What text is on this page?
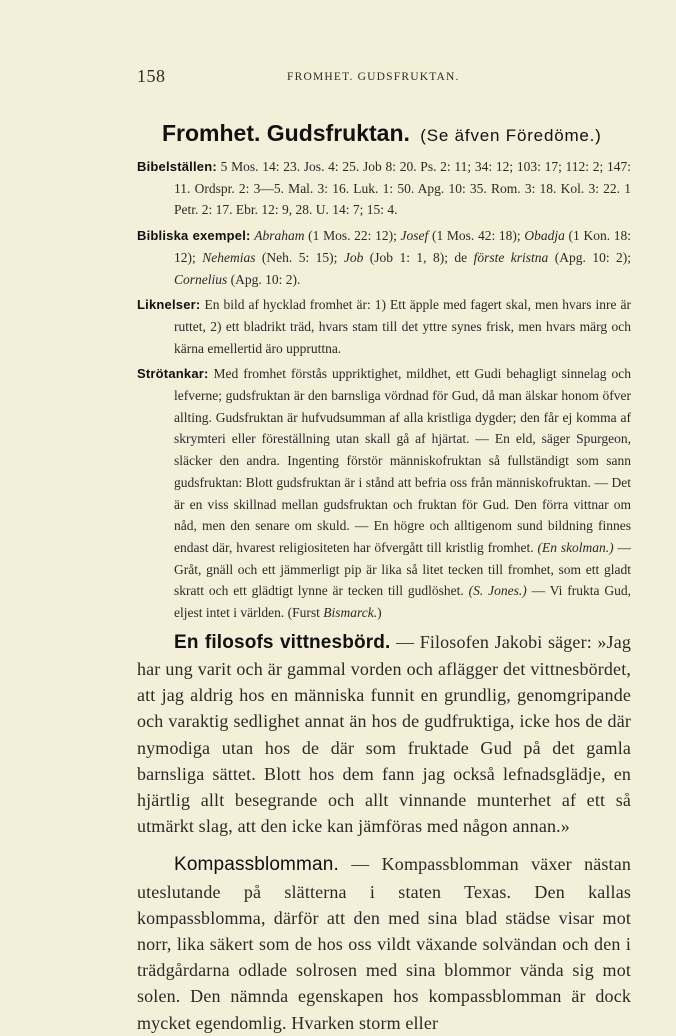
158	FROMHET. GUDSFRUKTAN.
Fromhet. Gudsfruktan. (Se äfven Föredöme.)

Bibelställen: 5 Mos. 14: 23. Jos. 4: 25. Job 8: 20. Ps. 2: 11; 34: 12; 103: 17; 112: 2; 147: 11. Ordspr. 2: 3—5. Mal. 3: 16. Luk. 1: 50. Apg. 10: 35. Rom. 3: 18. Kol. 3: 22. 1 Petr. 2: 17. Ebr. 12: 9, 28. U. 14: 7; 15: 4.

Bibliska exempel: Abraham (1 Mos. 22: 12); Josef (1 Mos. 42: 18); Obadja (1 Kon. 18: 12); Nehemias (Neh. 5: 15); Job (Job 1: 1, 8); de förste kristna (Apg. 10: 2); Cornelius (Apg. 10: 2).

Liknelser: En bild af hycklad fromhet är: 1) Ett äpple med fagert skal, men hvars inre är ruttet, 2) ett bladrikt träd, hvars stam till det yttre synes frisk, men hvars märg och kärna emellertid äro uppruttna.

Strötankar: Med fromhet förstås uppriktighet, mildhet, ett Gudi behagligt sinnelag och lefverne; gudsfruktan är den barnsliga vördnad för Gud, då man älskar honom öfver allting. Gudsfruktan är hufvudsumman af alla kristliga dygder; den får ej komma af skrymteri eller föreställning utan skall gå af hjärtat. — En eld, säger Spurgeon, släcker den andra. Ingenting förstör människofruktan så fullständigt som sann gudsfruktan: Blott gudsfruktan är i stånd att befria oss från människofruktan. — Det är en viss skillnad mellan gudsfruktan och fruktan för Gud. Den förra vittnar om nåd, men den senare om skuld. — En högre och alltigenom sund bildning finnes endast där, hvarest religiositeten har öfvergått till kristlig fromhet. (En skolman.) — Gråt, gnäll och ett jämmerligt pip är lika så litet tecken till fromhet, som ett gladt skratt och ett glädtigt lynne är tecken till gudlöshet. (S. Jones.) — Vi frukta Gud, eljest intet i världen. (Furst Bismarck.)

En filosofs vittnesbörd. — Filosofen Jakobi säger: »Jag har ung varit och är gammal vorden och aflägger det vittnesbördet, att jag aldrig hos en människa funnit en grundlig, genomgripande och varaktig sedlighet annat än hos de gudfruktiga, icke hos de där nymodiga utan hos de där som fruktade Gud på det gamla barnsliga sättet. Blott hos dem fann jag också lefnadsglädje, en hjärtlig allt besegrande och allt vinnande munterhet af ett så utmärkt slag, att den icke kan jämföras med någon annan.»

Kompassblomman. — Kompassblomman växer nästan uteslutande på slätterna i staten Texas. Den kallas kompassblomma, därför att den med sina blad städse visar mot norr, lika säkert som de hos oss vildt växande solvändan och den i trädgårdarna odlade solrosen med sina blommor vända sig mot solen. Den nämnda egenskapen hos kompassblomman är dock mycket egendomlig. Hvarken storm eller
